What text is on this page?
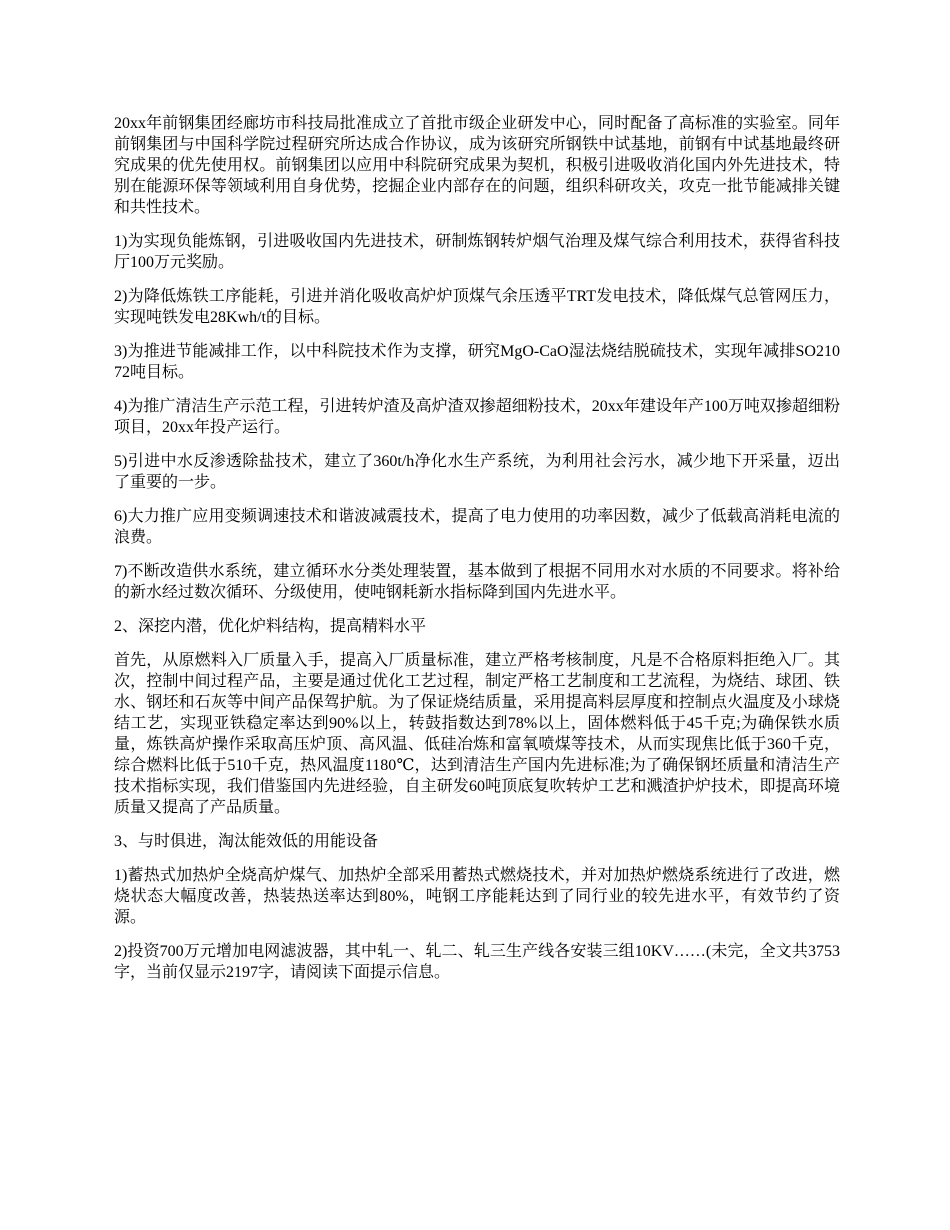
20xx年前钢集团经廊坊市科技局批准成立了首批市级企业研发中心，同时配备了高标准的实验室。同年前钢集团与中国科学院过程研究所达成合作协议，成为该研究所钢铁中试基地，前钢有中试基地最终研究成果的优先使用权。前钢集团以应用中科院研究成果为契机，积极引进吸收消化国内外先进技术，特别在能源环保等领域利用自身优势，挖掘企业内部存在的问题，组织科研攻关，攻克一批节能减排关键和共性技术。

1)为实现负能炼钢，引进吸收国内先进技术，研制炼钢转炉烟气治理及煤气综合利用技术，获得省科技厅100万元奖励。

2)为降低炼铁工序能耗，引进并消化吸收高炉炉顶煤气余压透平TRT发电技术，降低煤气总管网压力，实现吨铁发电28Kwh/t的目标。

3)为推进节能减排工作，以中科院技术作为支撑，研究MgO-CaO湿法烧结脱硫技术，实现年减排SO21072吨目标。

4)为推广清洁生产示范工程，引进转炉渣及高炉渣双掺超细粉技术，20xx年建设年产100万吨双掺超细粉项目，20xx年投产运行。

5)引进中水反渗透除盐技术，建立了360t/h净化水生产系统，为利用社会污水，减少地下开采量，迈出了重要的一步。

6)大力推广应用变频调速技术和谐波减震技术，提高了电力使用的功率因数，减少了低载高消耗电流的浪费。

7)不断改造供水系统，建立循环水分类处理装置，基本做到了根据不同用水对水质的不同要求。将补给的新水经过数次循环、分级使用，使吨钢耗新水指标降到国内先进水平。

2、深挖内潜，优化炉料结构，提高精料水平

首先，从原燃料入厂质量入手，提高入厂质量标准，建立严格考核制度，凡是不合格原料拒绝入厂。其次，控制中间过程产品，主要是通过优化工艺过程，制定严格工艺制度和工艺流程，为烧结、球团、铁水、钢坯和石灰等中间产品保驾护航。为了保证烧结质量，采用提高料层厚度和控制点火温度及小球烧结工艺，实现亚铁稳定率达到90%以上，转鼓指数达到78%以上，固体燃料低于45千克;为确保铁水质量，炼铁高炉操作采取高压炉顶、高风温、低硅冶炼和富氧喷煤等技术，从而实现焦比低于360千克，综合燃料比低于510千克，热风温度1180℃，达到清洁生产国内先进标准;为了确保钢坯质量和清洁生产技术指标实现，我们借鉴国内先进经验，自主研发60吨顶底复吹转炉工艺和溅渣护炉技术，即提高环境质量又提高了产品质量。

3、与时俱进，淘汰能效低的用能设备

1)蓄热式加热炉全烧高炉煤气、加热炉全部采用蓄热式燃烧技术，并对加热炉燃烧系统进行了改进，燃烧状态大幅度改善，热装热送率达到80%，吨钢工序能耗达到了同行业的较先进水平，有效节约了资源。

2)投资700万元增加电网滤波器，其中轧一、轧二、轧三生产线各安装三组10KV……(未完，全文共3753字，当前仅显示2197字，请阅读下面提示信息。
